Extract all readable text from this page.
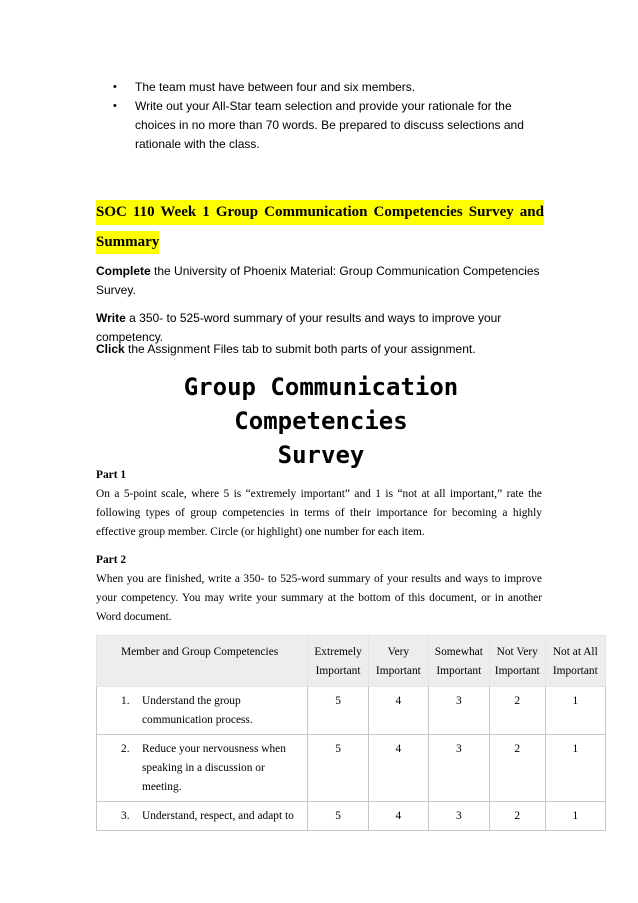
• The team must have between four and six members.
• Write out your All-Star team selection and provide your rationale for the choices in no more than 70 words. Be prepared to discuss selections and rationale with the class.
SOC 110 Week 1 Group Communication Competencies Survey and
Summary
Complete the University of Phoenix Material: Group Communication Competencies Survey.
Write a 350- to 525-word summary of your results and ways to improve your competency.
Click the Assignment Files tab to submit both parts of your assignment.
Group Communication Competencies
Survey
Part 1
On a 5-point scale, where 5 is “extremely important” and 1 is “not at all important,” rate the following types of group competencies in terms of their importance for becoming a highly effective group member. Circle (or highlight) one number for each item.
Part 2
When you are finished, write a 350- to 525-word summary of your results and ways to improve your competency. You may write your summary at the bottom of this document, or in another Word document.
Member and Group Competencies	Extremely Important	Very Important	Somewhat Important	Not Very Important	Not at All Important

1. Understand the group communication process.	5	4	3	2	1

2. Reduce your nervousness when speaking in a discussion or meeting.	5	4	3	2	1

3. Understand, respect, and adapt to	5	4	3	2	1
